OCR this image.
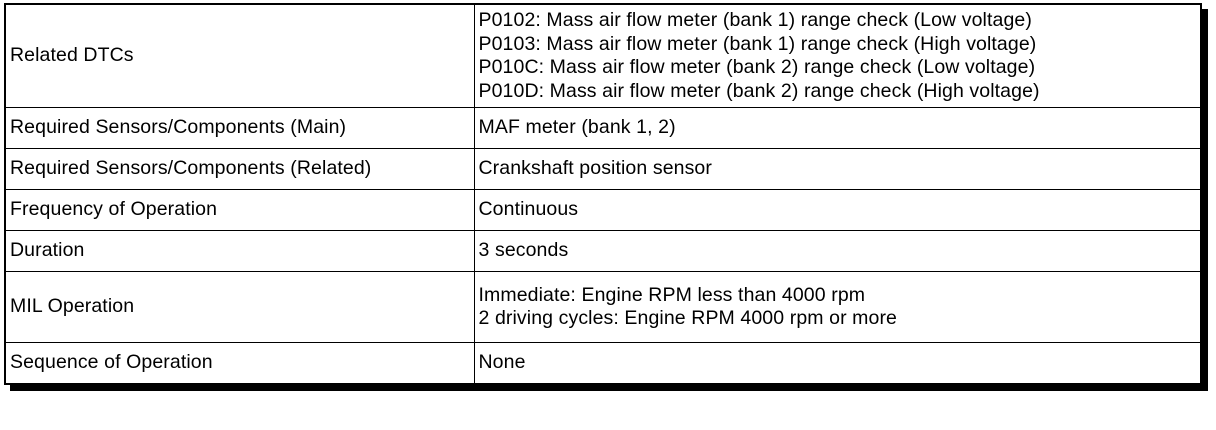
Related DTCs	P0102: Mass air flow meter (bank 1) range check (Low voltage)
P0103: Mass air flow meter (bank 1) range check (High voltage)
P010C: Mass air flow meter (bank 2) range check (Low voltage)
P010D: Mass air flow meter (bank 2) range check (High voltage)

Required Sensors/Components (Main)	MAF meter (bank 1, 2)
Required Sensors/Components (Related)	Crankshaft position sensor
Frequency of Operation	Continuous
Duration	3 seconds
MIL Operation	Immediate: Engine RPM less than 4000 rpm
2 driving cycles: Engine RPM 4000 rpm or more

Sequence of Operation	None
